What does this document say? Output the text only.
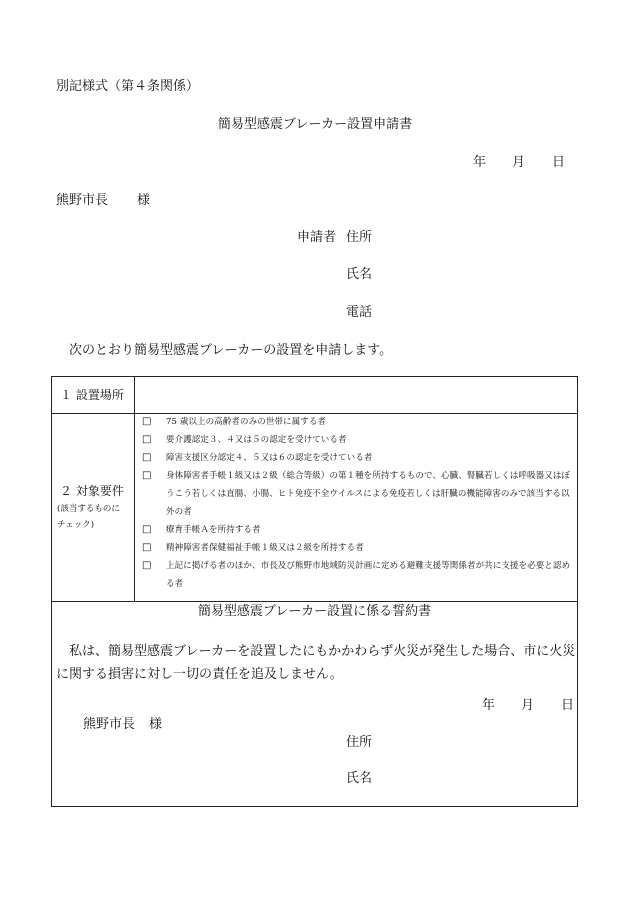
別記様式（第４条関係）
簡易型感震ブレーカー設置申請書
年 月 日
熊野市長 様
申請者 住所
氏名
電話
次のとおり簡易型感震ブレーカーの設置を申請します。
１ 設置場所
２ 対象要件
(該当するものに
チェック)
□ 75 歳以上の高齢者のみの世帯に属する者
□ 要介護認定３、４又は５の認定を受けている者
□ 障害支援区分認定４、５又は６の認定を受けている者
□ 身体障害者手帳１級又は２級（総合等級）の第１種を所持するもので、心臓、腎臓若しくは呼吸器又はぼうこう若しくは直腸、小腸、ヒト免疫不全ウイルスによる免疫若しくは肝臓の機能障害のみで該当する以外の者
□ 療育手帳Ａを所持する者
□ 精神障害者保健福祉手帳１級又は２級を所持する者
□ 上記に掲げる者のほか、市長及び熊野市地域防災計画に定める避難支援等関係者が共に支援を必要と認める者
簡易型感震ブレーカー設置に係る誓約書
私は、簡易型感震ブレーカーを設置したにもかかわらず火災が発生した場合、市に火災に関する損害に対し一切の責任を追及しません。
年 月 日
熊野市長 様
住所
氏名
